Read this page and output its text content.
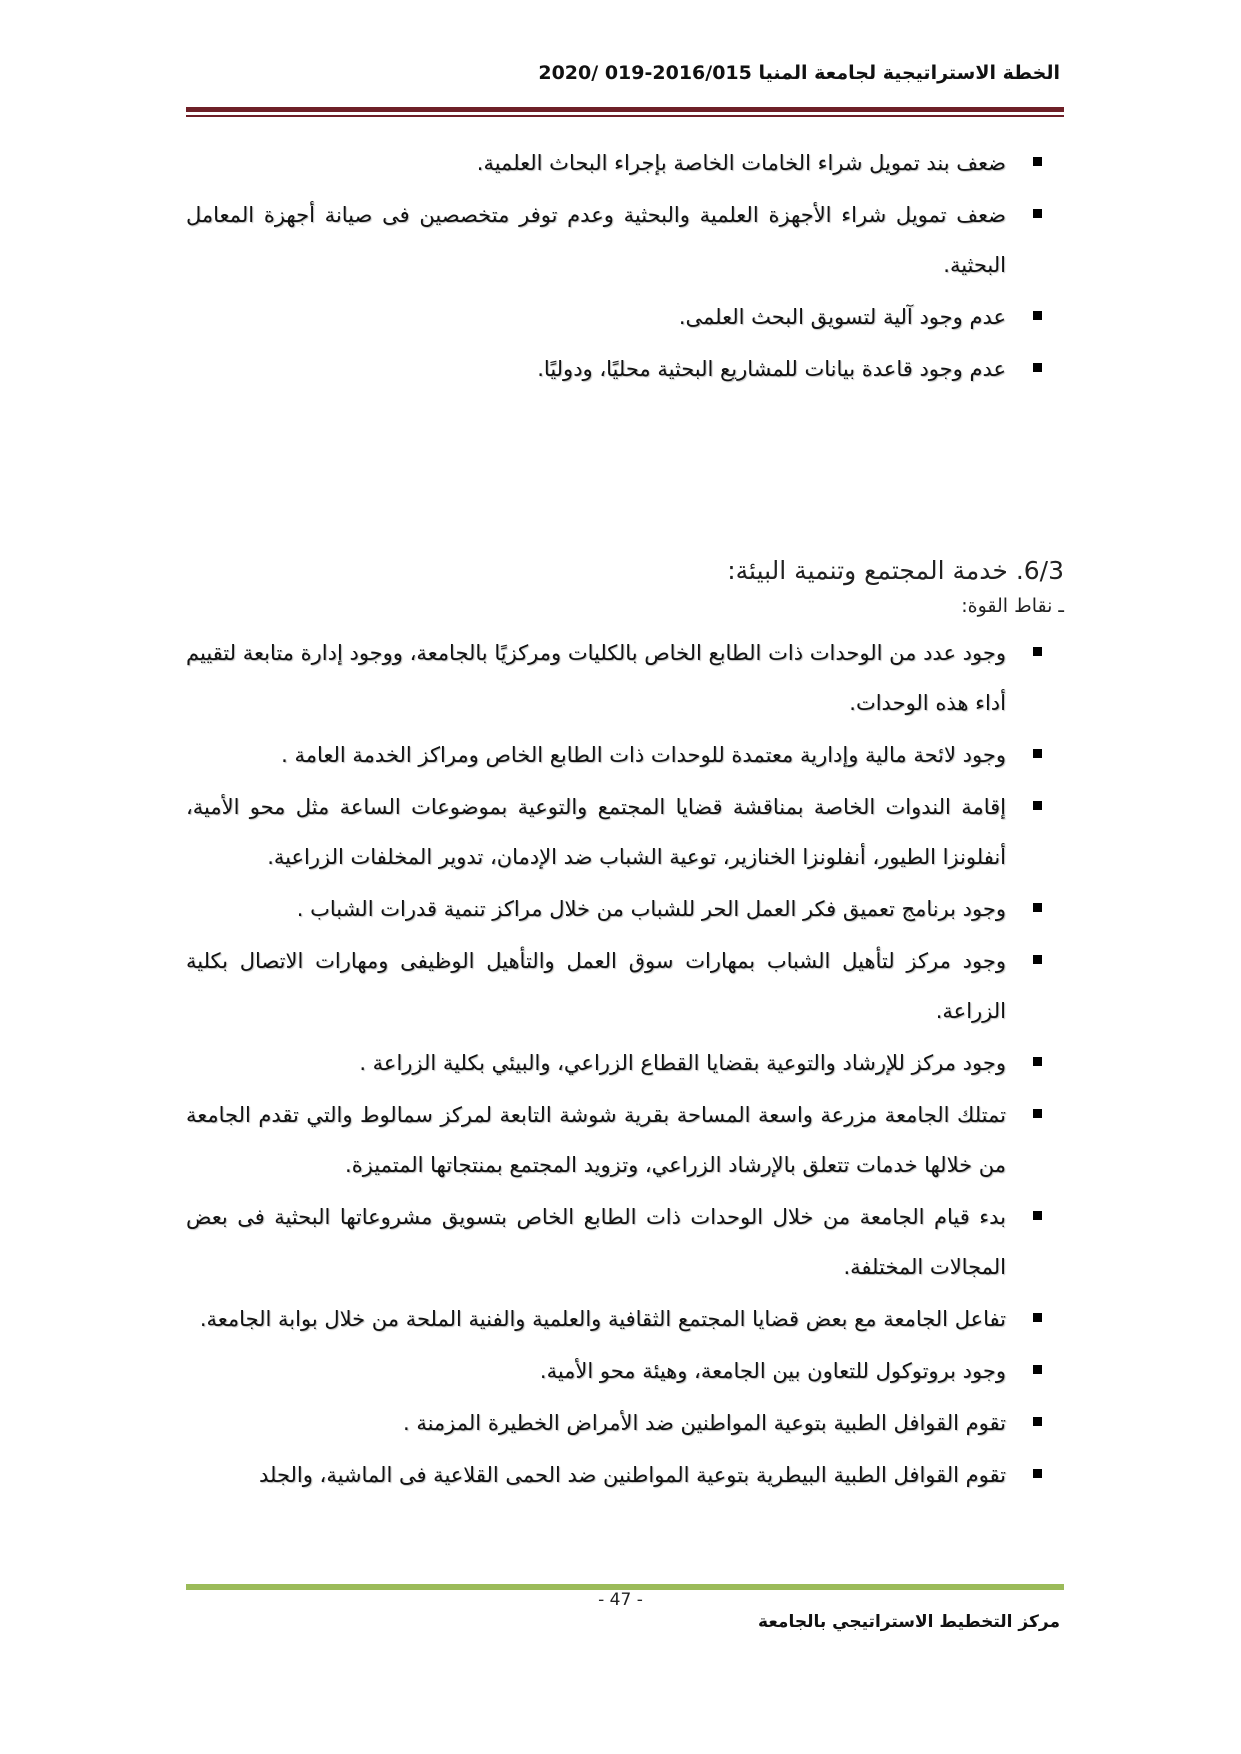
الخطة الاستراتيجية لجامعة المنيا 2016/015-019 /2020
ضعف بند تمويل شراء الخامات الخاصة بإجراء البحاث العلمية.
ضعف تمويل شراء الأجهزة العلمية والبحثية وعدم توفر متخصصين فى صيانة أجهزة المعامل البحثية.
عدم وجود آلية لتسويق البحث العلمى.
عدم وجود قاعدة بيانات للمشاريع البحثية محليًا، ودوليًا.
6/3. خدمة المجتمع وتنمية البيئة:
ـ نقاط القوة:
وجود عدد من الوحدات ذات الطابع الخاص بالكليات ومركزيًا بالجامعة، ووجود إدارة متابعة لتقييم أداء هذه الوحدات.
وجود لائحة مالية وإدارية معتمدة للوحدات ذات الطابع الخاص ومراكز الخدمة العامة .
إقامة الندوات الخاصة بمناقشة قضايا المجتمع والتوعية بموضوعات الساعة مثل محو الأمية، أنفلونزا الطيور، أنفلونزا الخنازير، توعية الشباب ضد الإدمان، تدوير المخلفات الزراعية.
وجود برنامج تعميق فكر العمل الحر للشباب من خلال مراكز تنمية قدرات الشباب .
وجود مركز لتأهيل الشباب بمهارات سوق العمل والتأهيل الوظيفى ومهارات الاتصال بكلية الزراعة.
وجود مركز للإرشاد والتوعية بقضايا القطاع الزراعي، والبيئي بكلية الزراعة .
تمتلك الجامعة مزرعة واسعة المساحة بقرية شوشة التابعة لمركز سمالوط والتي تقدم الجامعة من خلالها خدمات تتعلق بالإرشاد الزراعي، وتزويد المجتمع بمنتجاتها المتميزة.
بدء قيام الجامعة من خلال الوحدات ذات الطابع الخاص بتسويق مشروعاتها البحثية فى بعض المجالات المختلفة.
تفاعل الجامعة مع بعض قضايا المجتمع الثقافية والعلمية والفنية الملحة من خلال بوابة الجامعة.
وجود بروتوكول للتعاون بين الجامعة، وهيئة محو الأمية.
تقوم القوافل الطبية بتوعية المواطنين ضد الأمراض الخطيرة المزمنة .
تقوم القوافل الطبية البيطرية بتوعية المواطنين ضد الحمى القلاعية فى الماشية، والجلد
- 47 -
مركز التخطيط الاستراتيجي بالجامعة
